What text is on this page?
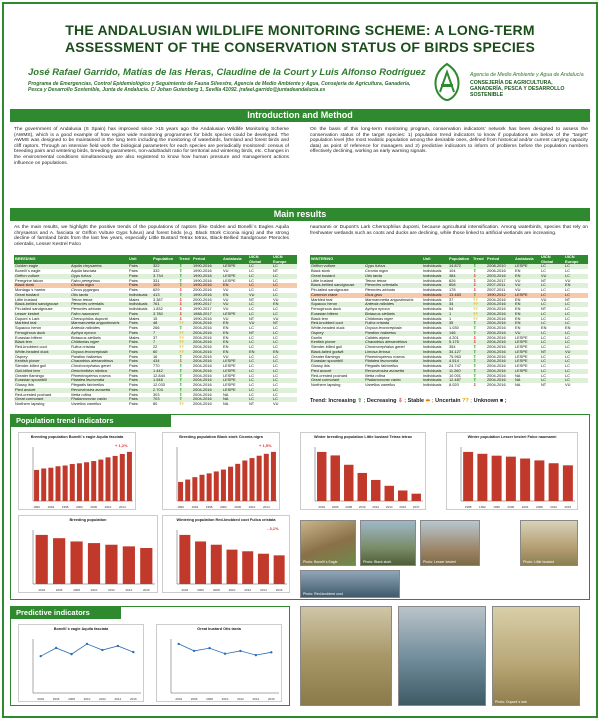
THE ANDALUSIAN WILDLIFE MONITORING SCHEME: A LONG-TERM ASSESSMENT OF THE CONSERVATION STATUS OF BIRDS SPECIES
José Rafael Garrido, Matías de las Heras, Claudine de la Court y Luis Alfonso Rodríguez
Programa de Emergencias, Control Epidemiológico y Seguimiento de Fauna Silvestre, Agencia de Medio Ambiente y Agua, Consejería de Agricultura, Ganadería, Pesca y Desarrollo Sostenible, Junta de Andalucía. C/ Johan Gutenberg 1, Sevilla 41092. jrafael.garrido@juntadeandalucia.es
Agencia de Medio Ambiente y Agua de Andalucía
CONSEJERÍA DE AGRICULTURA, GANADERÍA, PESCA Y DESARROLLO SOSTENIBLE
Introduction and Method
The government of Andalusia (S Spain) has improved since >15 years ago the Andalusian Wildlife Monitoring Scheme (AWMS), which is a good example of how region wide monitoring programmes for birds species could be developed. The AWMS was designed to be maintained in the long term including the monitoring of waterbirds, farmland and forest birds and cliff raptors. Through an intensive field work the biological parameters for each species are periodically monitored: census of breeding pairs and wintering birds, breeding parameters, non-adult/adult ratio for territorial and wintering birds, etc. Changes in the environmental conditions simultaneously are also registered to know how human pressure and management actions influence on populations.
On the basis of this long-term monitoring program, conservation indicators' network has been designed to assess the conservation status of the target species: 1) population trend indicators to know if populations are below of the "target" population level (the most realistic population among the desirable ones, defined from historical and/or current carrying capacity data) as point of reference for managers and 2) predictive indicators to inform of problems before the population numbers effectively declining, working as early warning signals.
Main results
As the main results, we highlight the positive trends of the populations of raptors (like Golden and Bonelli´s Eagles Aquila chrysaetos and A. fasciata or Griffon Vulture Gyps fulvus) and forest birds (e.g. Black Stork Ciconia nigra) and the strong decline of farmland birds from the last few years, especially Little Bustard Tetrax tetrax, Black-Bellied Sandgrouse Pterocles orientalis, Lesser Kestrel Falco
naumanni or Dupont's Lark Chersophilus duponti, because agricultural intensification. Among waterbirds, species that rely on freshwater wetlands such as coots and ducks are declining, while those linked to artificial wetlands are increasing.
BREEDING		Unit	Population	Trend	Period	Andalusia	UICN Global	UICN Europe
Golden eagle	Aquila chrysaetos	Pairs	322	⇧	1990-2016	LESPE	LC	LC
Bonelli´s eagle	Aquila fasciata	Pairs	332	⇧	1990-2016	VU	LC	NT
Griffon vulture	Gyps fulvus	Pairs	3.734	⇧	1990-2016	LESPE	LC	LC
Peregrine falcon	Falco peregrinus	Pairs	331	⇧	1990-2016	LESPE	LC	LC
Black stork	Ciconia nigra	Pairs	103	⇧	1990-2016	EN	LC	LC
Montagu´s harrier	Circus pygargus	Pairs	629	⇩	2000-2016	VU	LC	LC
Great bustard	Otis tarda	Individuals	413	⇧	1990-2016	EN	VU	LC
Little bustard	Tetrax tetrax	Males	3.387	⇩	2000-2016	VU	NT	VU
Black-bellied sandgrouse	Pterocles orientalis	Individuals	761	⇩	1990-2017	VU	LC	EN
Pin-tailed sandgrouse	Pterocles alchata	Individuals	1.832	⇩	1990-2017	VU	LC	LC
Lesser kestrel	Falco naumanni	Pairs	3.780	⇩	1988-2017	LESPE	LC	LC
Dupont´s Lark	Chersophilus duponti	Males	15	⇩	1990-2016	VU	NT	VU
Marbled teal	Marmaronetta angustirostris	Pairs	48	??	2004-2016	EN	VU	NT
Squacco heron	Ardeola ralloides	Pairs	266	⇧	2004-2016	EN	LC	LC
Ferruginous duck	Aythya nyroca	Pairs	7	??	2004-2016	EN	NT	LC
Eurasian bittern	Botaurus stellaris	Males	37	??	2004-2016	EN	LC	LC
Black tern	Chlidonias niger	Pairs	7	??	2004-2016	EN	LC	LC
Red-knobbed coot	Fulica cristata	Pairs	22	??	2004-2016	EN	LC	LC
White-headed duck	Oxyura leucocephala	Pairs	60	??	2004-2016	EN	EN	EN
Osprey	Pandion haliaetus	Pairs	16	⇧	2004-2016	VU	LC	LC
Kentish plover	Charadrius alexandrinus	Pairs	434	⇩	2004-2016	LESPE	LC	LC
Slender-billed gull	Chroicocephalus genei	Pairs	770	⇧	2004-2016	LESPE	LC	LC
Gull-billed tern	Gelochelidon nilotica	Pairs	1.442	⇧	2004-2016	LESPE	LC	LC
Greater flamingo	Phoenicopterus roseus	Pairs	12.844	⇧	2004-2016	LESPE	LC	LC
Eurasian spoonbill	Platalea leucorodia	Pairs	1.548	⇧	2004-2016	LESPE	LC	LC
Glossy ibis	Plegadis falcinellus	Pairs	12.033	⇧	2004-2016	LESPE	LC	LC
Pied avocet	Recurvirostra avosetta	Pairs	2.703	⇧	2004-2016	LESPE	LC	LC
Red-crested pochard	Netta rufina	Pairs	303	⇧	2004-2016	NA	LC	LC
Great cormorant	Phalacrocorax carbo	Pairs	703	⇧	2004-2016	NA	LC	LC
Northern lapwing	Vanellus vanellus	Pairs	80	??	2004-2016	NA	NT	VU
WINTERING		Unit	Population	Trend	Period	Andalusia	UICN Global	UICN Europe
Griffon vulture	Gyps fulvus	Individuals	14.872	⇧	2008-2010	LESPE	LC	LC
Black stork	Ciconia nigra	Individuals	104	⇧	2006-2016	EN	LC	LC
Great bustard	Otis tarda	Individuals	384	⇩	2003-2016	EN	VU	LC
Little bustard	Tetrax tetrax	Individuals	626	⇩	2004-2017	VU	NT	VU
Black-bellied sandgrouse	Pterocles orientalis	Individuals	808	⇩	2007-2011	VU	LC	EN
Pin-tailed sandgrouse	Pterocles alchata	Individuals	178	⇩	2007-2011	VU	LC	LC
Common crane	Grus grus	Individuals	13.483	⇧	1990-2012	LESPE	LC	LC
Marbled teal	Marmaronetta angustirostris	Individuals	37	??	2004-2016	EN	VU	NT
Squacco heron	Ardeola ralloides	Individuals	34	??	2004-2016	EN	LC	LC
Ferruginous duck	Aythya nyroca	Individuals	54	??	2004-2016	EN	NT	LC
Eurasian bittern	Botaurus stellaris	Individuals	1	??	2004-2016	EN	LC	LC
Black tern	Chlidonias niger	Individuals	1	??	2004-2016	EN	LC	LC
Red-knobbed coot	Fulica cristata	Individuals	35	⇧	2004-2016	EN	LC	LC
White-headed duck	Oxyura leucocephala	Individuals	1.030	⇧	2004-2016	EN	EN	EN
Osprey	Pandion haliaetus	Individuals	146	⇧	2004-2016	VU	LC	LC
Dunlin	Calidris alpina	Individuals	4.201	⇩	2004-2016	LESPE	LC	LC
Kentish plover	Charadrius alexandrinus	Individuals	5.175	⇩	2004-2016	LESPE	LC	LC
Slender-billed gull	Chroicocephalus genei	Individuals	354	⇧	2004-2016	LESPE	LC	LC
Black-tailed godwit	Limosa limosa	Individuals	34.127	⇧	2004-2016	LESPE	NT	VU
Greater flamingo	Phoenicopterus roseus	Individuals	75.963	⇧	2004-2016	LESPE	LC	LC
Eurasian spoonbill	Platalea leucorodia	Individuals	4.514	⇧	2004-2016	LESPE	LC	LC
Glossy ibis	Plegadis falcinellus	Individuals	24.747	⇧	2004-2016	LESPE	LC	LC
Pied avocet	Recurvirostra avosetta	Individuals	11.260	⇧	2004-2016	LESPE	LC	LC
Red-crested pochard	Netta rufina	Individuals	10.001	⇧	2004-2016	NA	LC	LC
Great cormorant	Phalacrocorax carbo	Individuals	12.487	⇧	2004-2016	NA	LC	LC
Northern lapwing	Vanellus vanellus	Individuals	8.020	⇩	2004-2016	NA	NT	VU
Trend: Increasing ⇧ ; Decreasing ⇩ ; Stable ⬌ ; Uncertain ?? ; Unknown ■ ;
Population trend indicators
Breeding population Bonelli´s eagle Aquila fasciata
+ 1,2%
1990	1994	1998	2002	2006	2010	2014
Breeding population Black stork Ciconia nigra
+ 1,5%
1990	1994	1998	2002	2006	2010	2014
Winter breeding population Little bustard Tetrax tetrax
2004 2006 2008 2010 2012 2014 2016 2017
Winter population Lesser kestrel Falco naumanni
1988	1992	1996	2000	2004	2008	2012	2016
Breeding population
2004	2006	2008	2010	2012	2014	2016
Wintering population Red-knobbed coot Fulica cristata
- 3,1%
2004	2006	2008	2010	2012	2014	2016
Photo: Bonelli´s Eagle	Photo: Black stork	Photo: Lesser kestrel	Photo: Little bustard
Photo: Red-knobbed coot
Predictive indicators
Bonelli´s eagle Aquila fasciata
2004	2006	2008	2010	2012	2014	2016
Great bustard Otis tarda
2004	2006	2008	2010	2012	2014	2016
Photo: Dupont´s lark
